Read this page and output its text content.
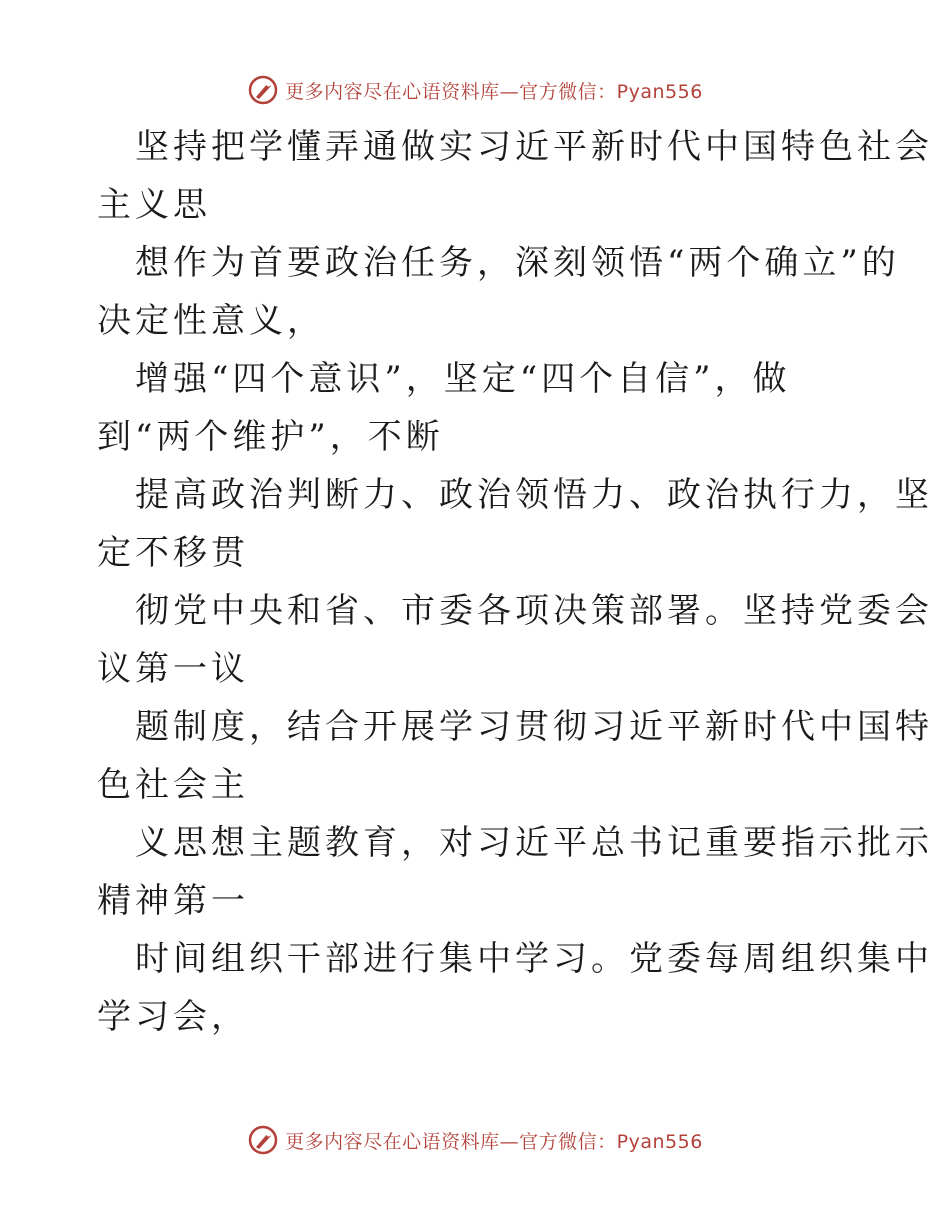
更多内容尽在心语资料库—官方微信：Pyan556
坚持把学懂弄通做实习近平新时代中国特色社会
主义思
想作为首要政治任务，深刻领悟“两个确立”的
决定性意义，
增强“四个意识”，坚定“四个自信”，做
到“两个维护”，不断
提高政治判断力、政治领悟力、政治执行力，坚
定不移贯
彻党中央和省、市委各项决策部署。坚持党委会
议第一议
题制度，结合开展学习贯彻习近平新时代中国特
色社会主
义思想主题教育，对习近平总书记重要指示批示
精神第一
时间组织干部进行集中学习。党委每周组织集中
学习会，
更多内容尽在心语资料库—官方微信：Pyan556
